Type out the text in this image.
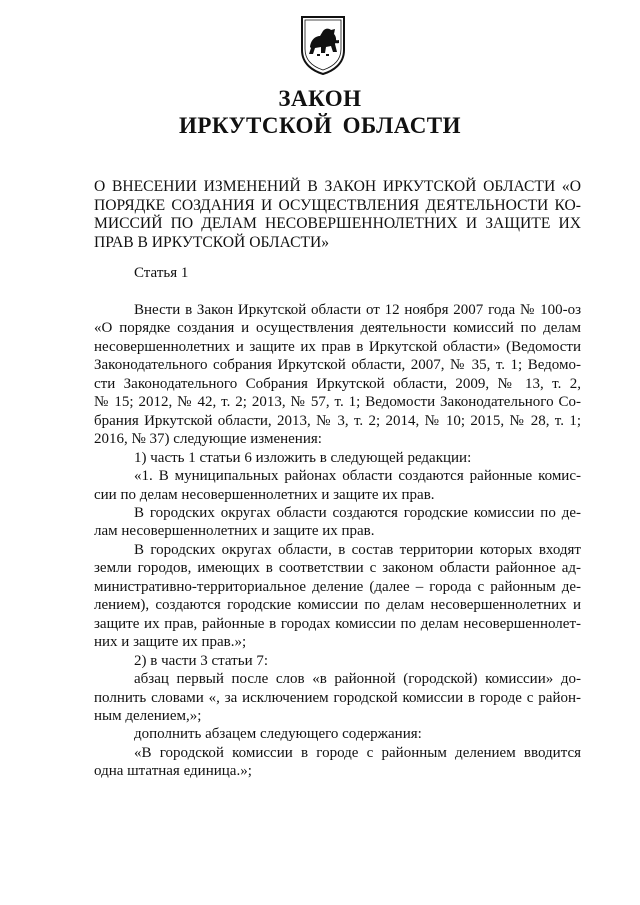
ЗАКОН
ИРКУТСКОЙ ОБЛАСТИ
О ВНЕСЕНИИ ИЗМЕНЕНИЙ В ЗАКОН ИРКУТСКОЙ ОБЛАСТИ «О
ПОРЯДКЕ СОЗДАНИЯ И ОСУЩЕСТВЛЕНИЯ ДЕЯТЕЛЬНОСТИ КО-
МИССИЙ ПО ДЕЛАМ НЕСОВЕРШЕННОЛЕТНИХ И ЗАЩИТЕ ИХ
ПРАВ В ИРКУТСКОЙ ОБЛАСТИ»
Статья 1
Внести в Закон Иркутской области от 12 ноября 2007 года № 100-оз
«О порядке создания и осуществления деятельности комиссий по делам
несовершеннолетних и защите их прав в Иркутской области» (Ведомости
Законодательного собрания Иркутской области, 2007, № 35, т. 1; Ведомо-
сти Законодательного Собрания Иркутской области, 2009, № 13, т. 2,
№ 15; 2012, № 42, т. 2; 2013, № 57, т. 1; Ведомости Законодательного Со-
брания Иркутской области, 2013, № 3, т. 2; 2014, № 10; 2015, № 28, т. 1;
2016, № 37) следующие изменения:
1) часть 1 статьи 6 изложить в следующей редакции:
«1. В муниципальных районах области создаются районные комис-
сии по делам несовершеннолетних и защите их прав.
В городских округах области создаются городские комиссии по де-
лам несовершеннолетних и защите их прав.
В городских округах области, в состав территории которых входят
земли городов, имеющих в соответствии с законом области районное ад-
министративно-территориальное деление (далее – города с районным де-
лением), создаются городские комиссии по делам несовершеннолетних и
защите их прав, районные в городах комиссии по делам несовершеннолет-
них и защите их прав.»;
2) в части 3 статьи 7:
абзац первый после слов «в районной (городской) комиссии» до-
полнить словами «, за исключением городской комиссии в городе с район-
ным делением,»;
дополнить абзацем следующего содержания:
«В городской комиссии в городе с районным делением вводится
одна штатная единица.»;
